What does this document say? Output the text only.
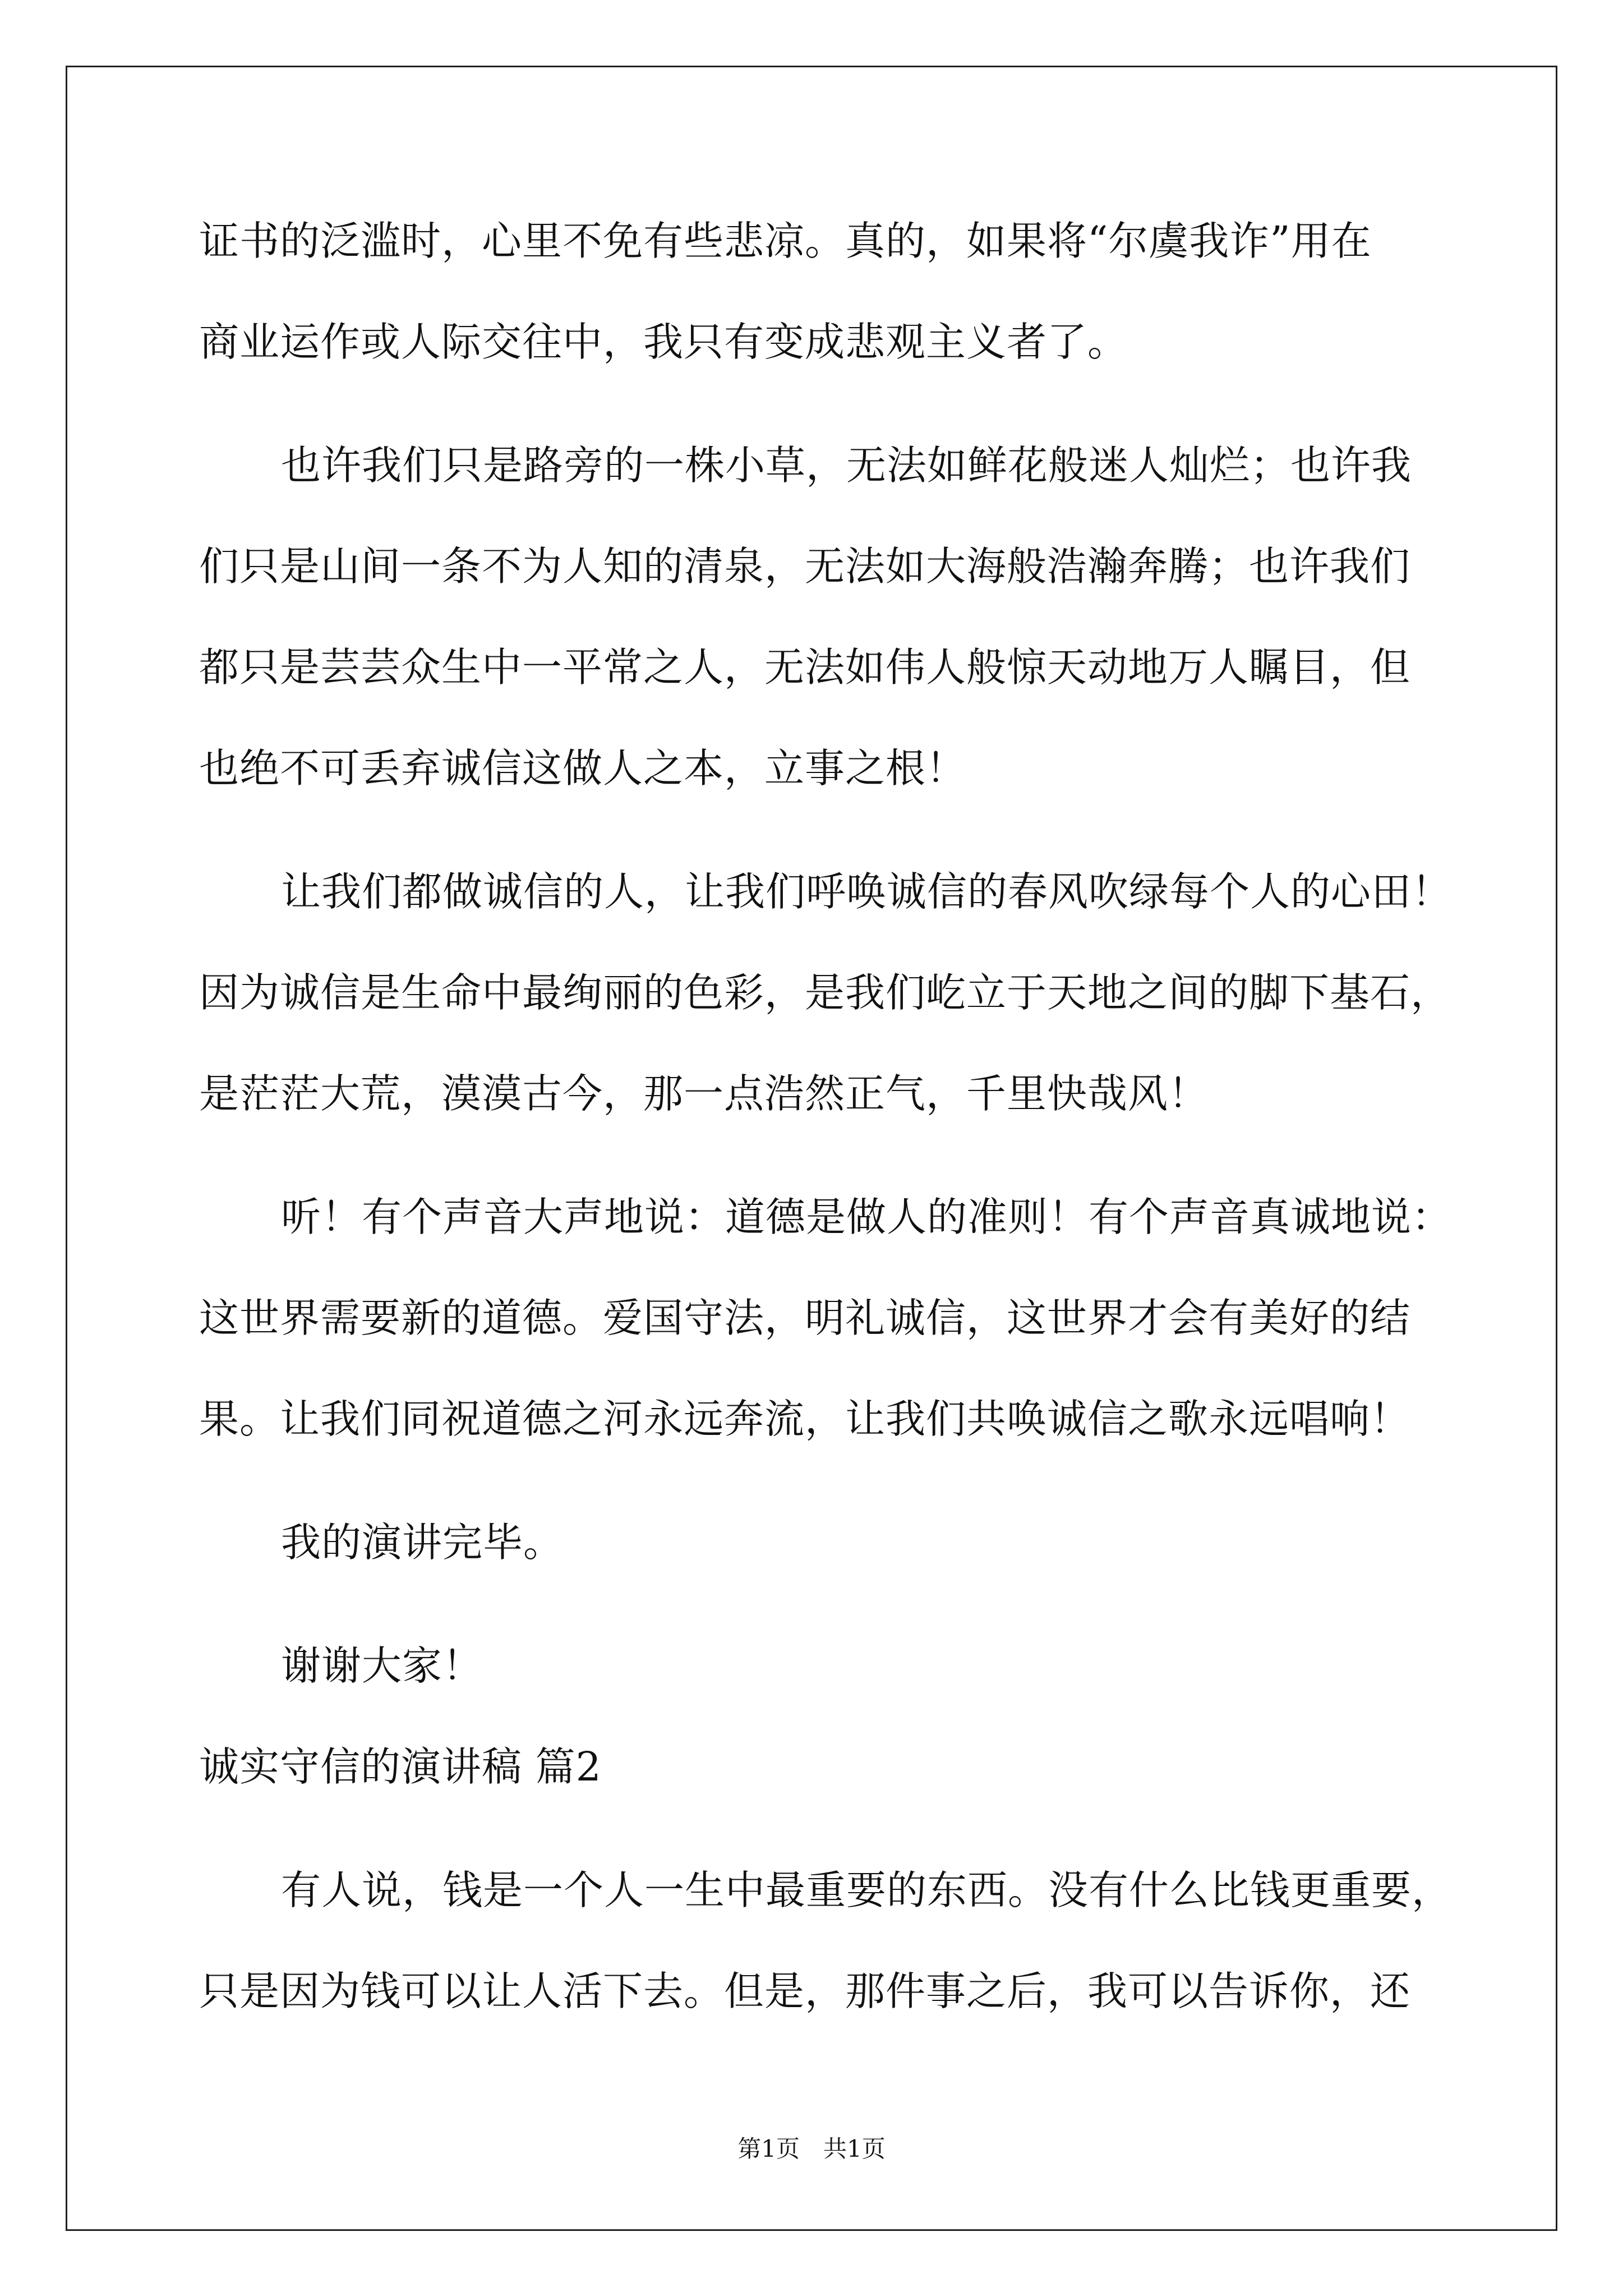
证书的泛滥时，心里不免有些悲凉。真的，如果将“尔虞我诈”用在
商业运作或人际交往中，我只有变成悲观主义者了。
也许我们只是路旁的一株小草，无法如鲜花般迷人灿烂；也许我
们只是山间一条不为人知的清泉，无法如大海般浩瀚奔腾；也许我们
都只是芸芸众生中一平常之人，无法如伟人般惊天动地万人瞩目，但
也绝不可丢弃诚信这做人之本，立事之根！
让我们都做诚信的人，让我们呼唤诚信的春风吹绿每个人的心田！
因为诚信是生命中最绚丽的色彩，是我们屹立于天地之间的脚下基石，
是茫茫大荒，漠漠古今，那一点浩然正气，千里快哉风！
听！有个声音大声地说：道德是做人的准则！有个声音真诚地说：
这世界需要新的道德。爱国守法，明礼诚信，这世界才会有美好的结
果。让我们同祝道德之河永远奔流，让我们共唤诚信之歌永远唱响！
我的演讲完毕。
谢谢大家！
诚实守信的演讲稿 篇2
有人说，钱是一个人一生中最重要的东西。没有什么比钱更重要，
只是因为钱可以让人活下去。但是，那件事之后，我可以告诉你，还
第1页　共1页
